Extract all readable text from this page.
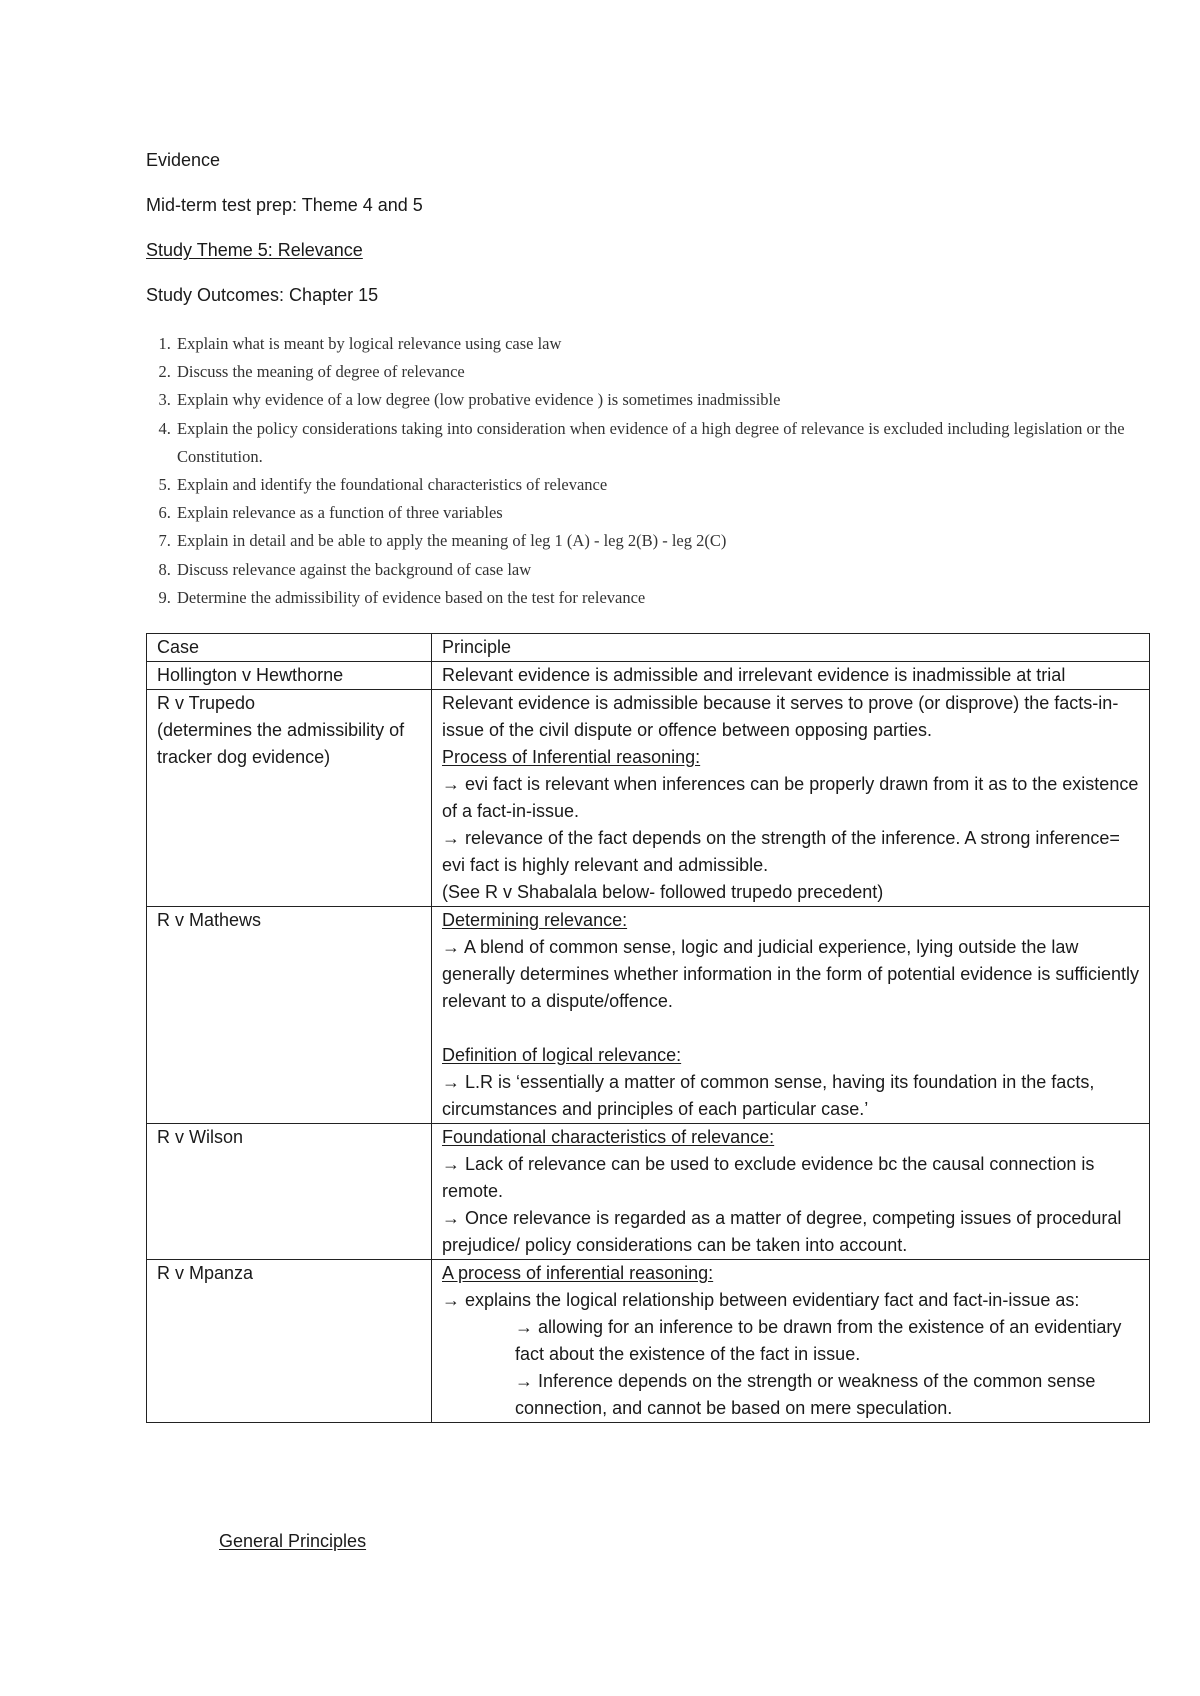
Evidence
Mid-term test prep: Theme 4 and 5
Study Theme 5: Relevance
Study Outcomes: Chapter 15
1. Explain what is meant by logical relevance using case law
2. Discuss the meaning of degree of relevance
3. Explain why evidence of a low degree (low probative evidence ) is sometimes inadmissible
4. Explain the policy considerations taking into consideration when evidence of a high degree of relevance is excluded including legislation or the Constitution.
5. Explain and identify the foundational characteristics of relevance
6. Explain relevance as a function of three variables
7. Explain in detail and be able to apply the meaning of leg 1 (A) - leg 2(B) - leg 2(C)
8. Discuss relevance against the background of case law
9. Determine the admissibility of evidence based on the test for relevance
Case	Principle

Hollington v Hewthorne	Relevant evidence is admissible and irrelevant evidence is inadmissible at trial

R v Trupedo
(determines the admissibility of tracker dog evidence)	Relevant evidence is admissible because it serves to prove (or disprove) the facts-in-issue of the civil dispute or offence between opposing parties.
Process of Inferential reasoning:
→ evi fact is relevant when inferences can be properly drawn from it as to the existence of a fact-in-issue.
→ relevance of the fact depends on the strength of the inference. A strong inference= evi fact is highly relevant and admissible.
(See R v Shabalala below- followed trupedo precedent)

R v Mathews	Determining relevance:
→ A blend of common sense, logic and judicial experience, lying outside the law generally determines whether information in the form of potential evidence is sufficiently relevant to a dispute/offence.
Definition of logical relevance:
→ L.R is ‘essentially a matter of common sense, having its foundation in the facts, circumstances and principles of each particular case.’

R v Wilson	Foundational characteristics of relevance:
→ Lack of relevance can be used to exclude evidence bc the causal connection is remote.
→ Once relevance is regarded as a matter of degree, competing issues of procedural prejudice/ policy considerations can be taken into account.

R v Mpanza	A process of inferential reasoning:
→ explains the logical relationship between evidentiary fact and fact-in-issue as:
→ allowing for an inference to be drawn from the existence of an evidentiary fact about the existence of the fact in issue.
→ Inference depends on the strength or weakness of the common sense connection, and cannot be based on mere speculation.
General Principles
